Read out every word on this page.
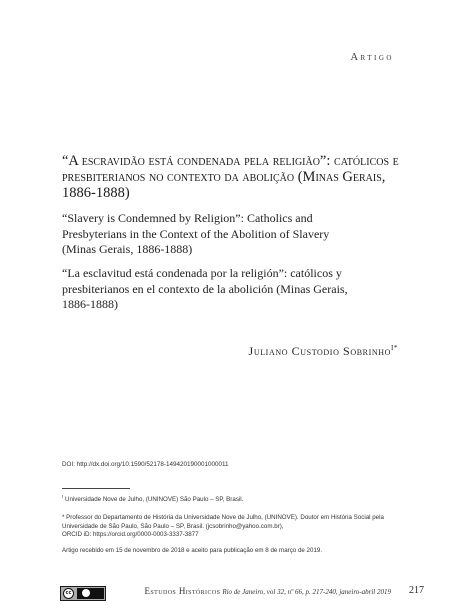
Artigo
“A escravidão está condenada pela religião”: católicos e presbiterianos no contexto da abolição (Minas Gerais, 1886-1888)
“Slavery is Condemned by Religion”: Catholics and Presbyterians in the Context of the Abolition of Slavery (Minas Gerais, 1886-1888)
“La esclavitud está condenada por la religión”: católicos y presbiterianos en el contexto de la abolición (Minas Gerais, 1886-1888)
Juliano Custodio Sobrinho$^{I*}$
DOI: http://dx.doi.org/10.1590/52178-149420190001000011
$^I$ Universidade Nove de Julho, (UNINOVE) São Paulo – SP, Brasil.
* Professor do Departamento de História da Universidade Nove de Julho, (UNINOVE). Doutor em História Social pela Universidade de São Paulo, São Paulo – SP, Brasil. (jcsobrinho@yahoo.com.br),
ORCID iD: https://orcid.org/0000-0003-3337-3877
Artigo recebido em 15 de novembro de 2018 e aceito para publicação em 8 de março de 2019.
cc	Estudos Históricos Rio de Janeiro, vol 32, nº 66, p. 217-240, janeiro-abril 2019 217
